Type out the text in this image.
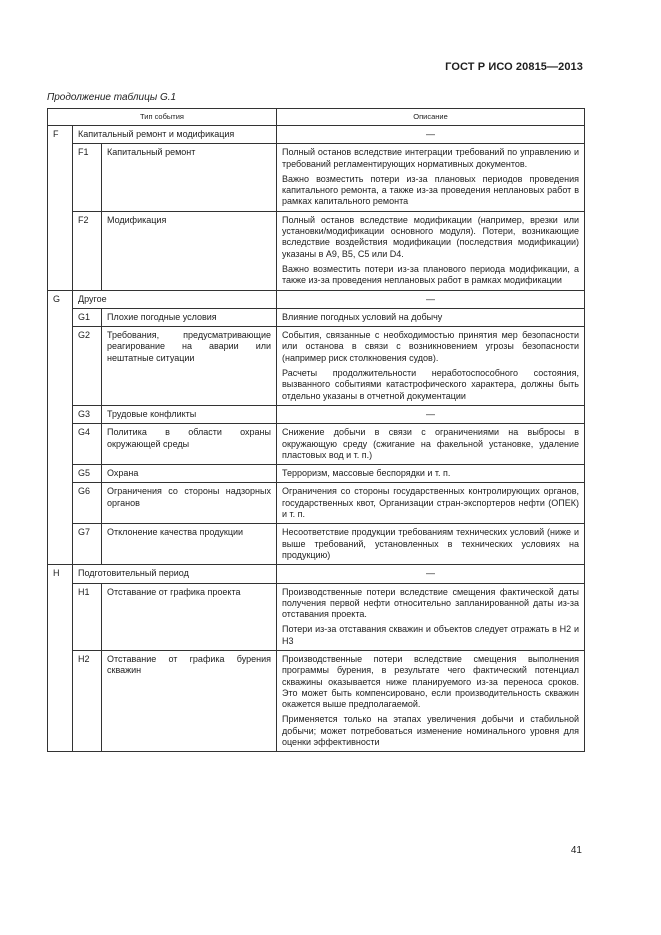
ГОСТ Р ИСО 20815—2013
Продолжение таблицы G.1
Тип события			Описание
F	Капитальный ремонт и модификация		—
	F1	Капитальный ремонт	Полный останов вследствие интеграции требований по управлению и требований регламентирующих нормативных документов.

Важно возместить потери из-за плановых периодов проведения капитального ремонта, а также из-за проведения неплановых работ в рамках капитального ремонта

	F2	Модификация	Полный останов вследствие модификации (например, врезки или установки/модификации основного модуля). Потери, возникающие вследствие воздействия модификации (последствия модификации) указаны в A9, B5, C5 или D4.

Важно возместить потери из-за планового периода модификации, а также из-за проведения неплановых работ в рамках модификации

G	Другое		—
	G1	Плохие погодные условия	Влияние погодных условий на добычу

	G2	Требования, предусматривающие реагирование на аварии или нештатные ситуации	События, связанные с необходимостью принятия мер безопасности или останова в связи с возникновением угрозы безопасности (например риск столкновения судов).

Расчеты продолжительности неработоспособного состояния, вызванного событиями катастрофического характера, должны быть отдельно указаны в отчетной документации

	G3	Трудовые конфликты	—

	G4	Политика в области охраны окружающей среды	Снижение добычи в связи с ограничениями на выбросы в окружающую среду (сжигание на факельной установке, удаление пластовых вод и т. п.)

	G5	Охрана	Терроризм, массовые беспорядки и т. п.

	G6	Ограничения со стороны надзорных органов	Ограничения со стороны государственных контролирующих органов, государственных квот, Организации стран-экспортеров нефти (ОПЕК) и т. п.

	G7	Отклонение качества продукции	Несоответствие продукции требованиям технических условий (ниже и выше требований, установленных в технических условиях на продукцию)

H	Подготовительный период		—
	H1	Отставание от графика проекта	Производственные потери вследствие смещения фактической даты получения первой нефти относительно запланированной даты из-за отставания проекта.

Потери из-за отставания скважин и объектов следует отражать в H2 и H3

	H2	Отставание от графика бурения скважин	Производственные потери вследствие смещения выполнения программы бурения, в результате чего фактический потенциал скважины оказывается ниже планируемого из-за переноса сроков. Это может быть компенсировано, если производительность скважин окажется выше предполагаемой.

Применяется только на этапах увеличения добычи и стабильной добычи; может потребоваться изменение номинального уровня для оценки эффективности

41
